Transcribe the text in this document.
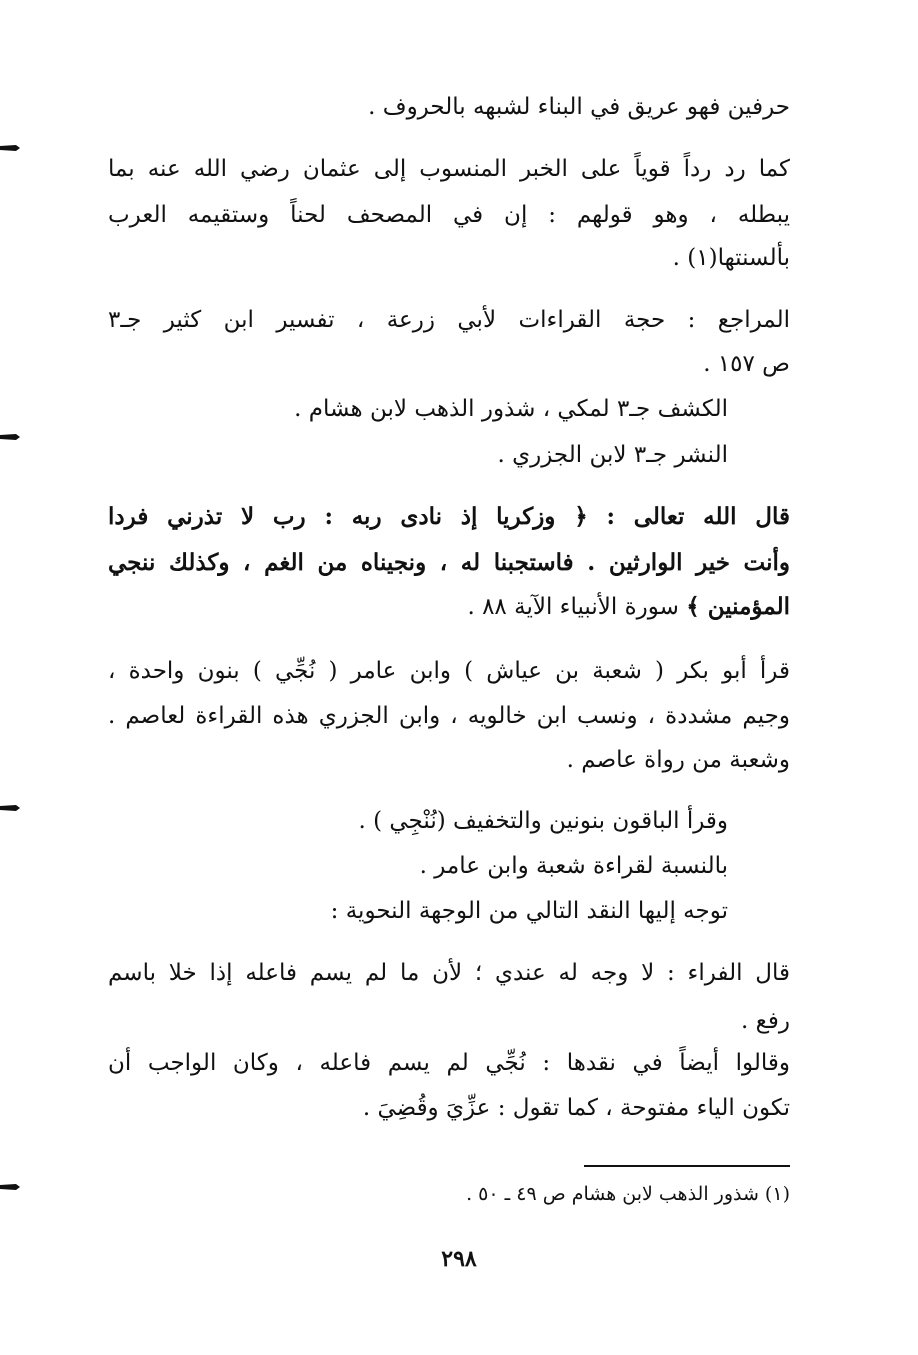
حرفين فهو عريق في البناء لشبهه بالحروف .
كما رد رداً قوياً على الخبر المنسوب إلى عثمان رضي الله عنه بما
يبطله ، وهو قولهم : إن في المصحف لحناً وستقيمه العرب
بألسنتها(١) .
المراجع : حجة القراءات لأبي زرعة ، تفسير ابن كثير جـ٣
ص ١٥٧ .
الكشف جـ٣ لمكي ، شذور الذهب لابن هشام .
النشر جـ٣ لابن الجزري .
قال الله تعالى : ﴿ وزكريا إذ نادى ربه : رب لا تذرني فردا
وأنت خير الوارثين . فاستجبنا له ، ونجيناه من الغم ، وكذلك ننجي
المؤمنين ﴾ سورة الأنبياء الآية ٨٨ .
قرأ أبو بكر ( شعبة بن عياش ) وابن عامر ( نُجِّي ) بنون واحدة ،
وجيم مشددة ، ونسب ابن خالويه ، وابن الجزري هذه القراءة لعاصم .
وشعبة من رواة عاصم .
وقرأ الباقون بنونين والتخفيف (نُنْجِي ) .
بالنسبة لقراءة شعبة وابن عامر .
توجه إليها النقد التالي من الوجهة النحوية :
قال الفراء : لا وجه له عندي ؛ لأن ما لم يسم فاعله إذا خلا باسم
رفع .
وقالوا أيضاً في نقدها : نُجِّي لم يسم فاعله ، وكان الواجب أن
تكون الياء مفتوحة ، كما تقول : عزِّيَ وقُضِيَ .
(١) شذور الذهب لابن هشام ص ٤٩ ـ ٥٠ .
٢٩٨
